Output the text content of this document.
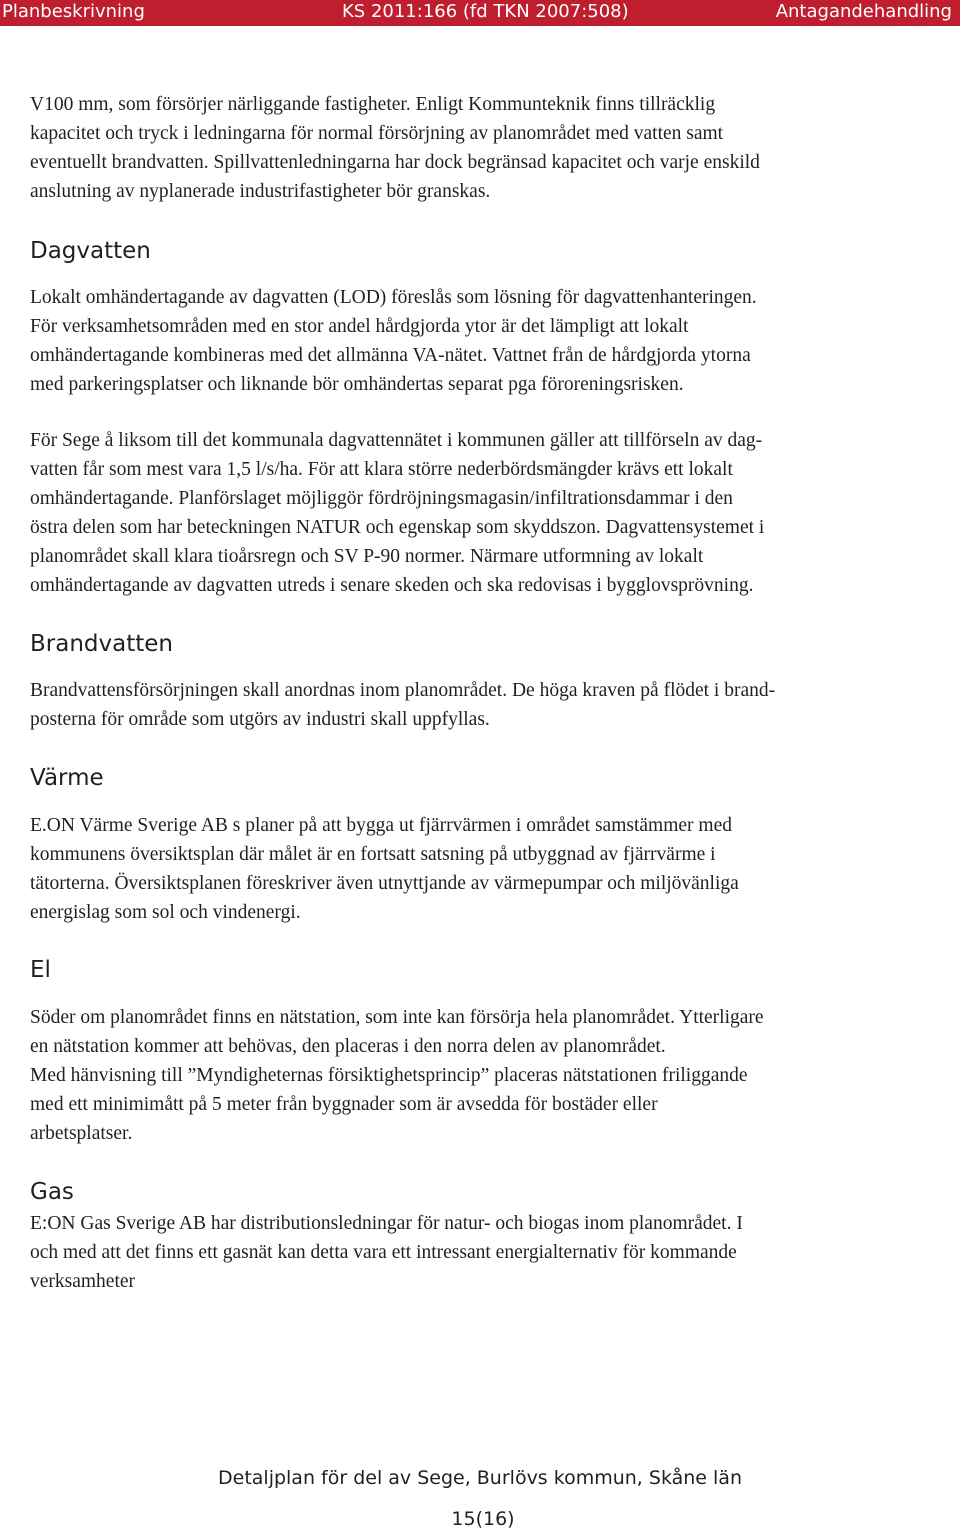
Planbeskrivning	KS 2011:166 (fd TKN 2007:508)	Antagandehandling

V100 mm, som försörjer närliggande fastigheter. Enligt Kommunteknik finns tillräcklig
kapacitet och tryck i ledningarna för normal försörjning av planområdet med vatten samt
eventuellt brandvatten. Spillvattenledningarna har dock begränsad kapacitet och varje enskild
anslutning av nyplanerade industrifastigheter bör granskas.

Dagvatten

Lokalt omhändertagande av dagvatten (LOD) föreslås som lösning för dagvattenhanteringen.
För verksamhetsområden med en stor andel hårdgjorda ytor är det lämpligt att lokalt
omhändertagande kombineras med det allmänna VA-nätet. Vattnet från de hårdgjorda ytorna
med parkeringsplatser och liknande bör omhändertas separat pga föroreningsrisken.

För Sege å liksom till det kommunala dagvattennätet i kommunen gäller att tillförseln av dag-
vatten får som mest vara 1,5 l/s/ha. För att klara större nederbördsmängder krävs ett lokalt
omhändertagande. Planförslaget möjliggör fördröjningsmagasin/infiltrationsdammar i den
östra delen som har beteckningen NATUR och egenskap som skyddszon. Dagvattensystemet i
planområdet skall klara tioårsregn och SV P-90 normer. Närmare utformning av lokalt
omhändertagande av dagvatten utreds i senare skeden och ska redovisas i bygglovsprövning.

Brandvatten

Brandvattensförsörjningen skall anordnas inom planområdet. De höga kraven på flödet i brand-
posterna för område som utgörs av industri skall uppfyllas.

Värme

E.ON Värme Sverige AB s planer på att bygga ut fjärrvärmen i området samstämmer med
kommunens översiktsplan där målet är en fortsatt satsning på utbyggnad av fjärrvärme i
tätorterna. Översiktsplanen föreskriver även utnyttjande av värmepumpar och miljövänliga
energislag som sol och vindenergi.

El

Söder om planområdet finns en nätstation, som inte kan försörja hela planområdet. Ytterligare
en nätstation kommer att behövas, den placeras i den norra delen av planområdet.
Med hänvisning till ”Myndigheternas försiktighetsprincip” placeras nätstationen friliggande
med ett minimimått på 5 meter från byggnader som är avsedda för bostäder eller
arbetsplatser.

Gas

E:ON Gas Sverige AB har distributionsledningar för natur- och biogas inom planområdet. I
och med att det finns ett gasnät kan detta vara ett intressant energialternativ för kommande
verksamheter

Detaljplan för del av Sege, Burlövs kommun, Skåne län
15(16)
